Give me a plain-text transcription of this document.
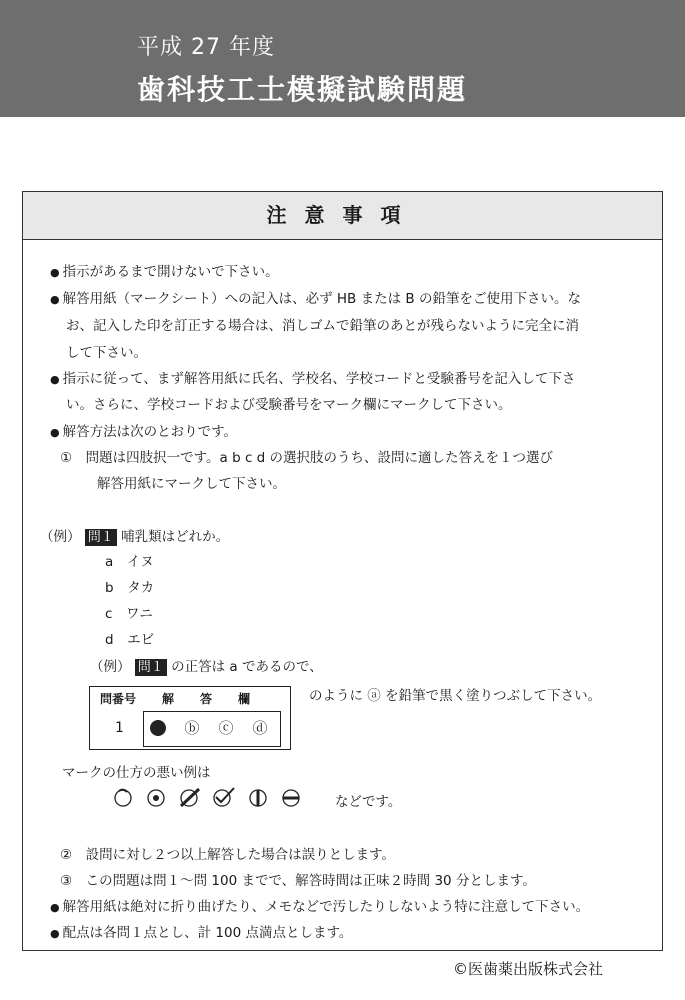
平成 27 年度
歯科技工士模擬試験問題
注意事項
● 指示があるまで開けないで下さい。
● 解答用紙（マークシート）への記入は、必ず HB または B の鉛筆をご使用下さい。な
お、記入した印を訂正する場合は、消しゴムで鉛筆のあとが残らないように完全に消
して下さい。
● 指示に従って、まず解答用紙に氏名、学校名、学校コードと受験番号を記入して下さ
い。さらに、学校コードおよび受験番号をマーク欄にマークして下さい。
● 解答方法は次のとおりです。
①　問題は四肢択一です。a b c d の選択肢のうち、設問に適した答えを１つ選び
解答用紙にマークして下さい。
（例） 問１ 哺乳類はどれか。
a　 イヌ
b　 タカ
c　 ワニ
d　 エビ
（例） 問１ の正答は a であるので、
問番号 解答欄
1	ⓑ ⓒ ⓓ
のように ⓐ を鉛筆で黒く塗りつぶして下さい。
マークの仕方の悪い例は
などです。
②　設問に対し２つ以上解答した場合は誤りとします。
③　この問題は問１〜問 100 までで、解答時間は正味２時間 30 分とします。
● 解答用紙は絶対に折り曲げたり、メモなどで汚したりしないよう特に注意して下さい。
● 配点は各問１点とし、計 100 点満点とします。
©医歯薬出版株式会社
